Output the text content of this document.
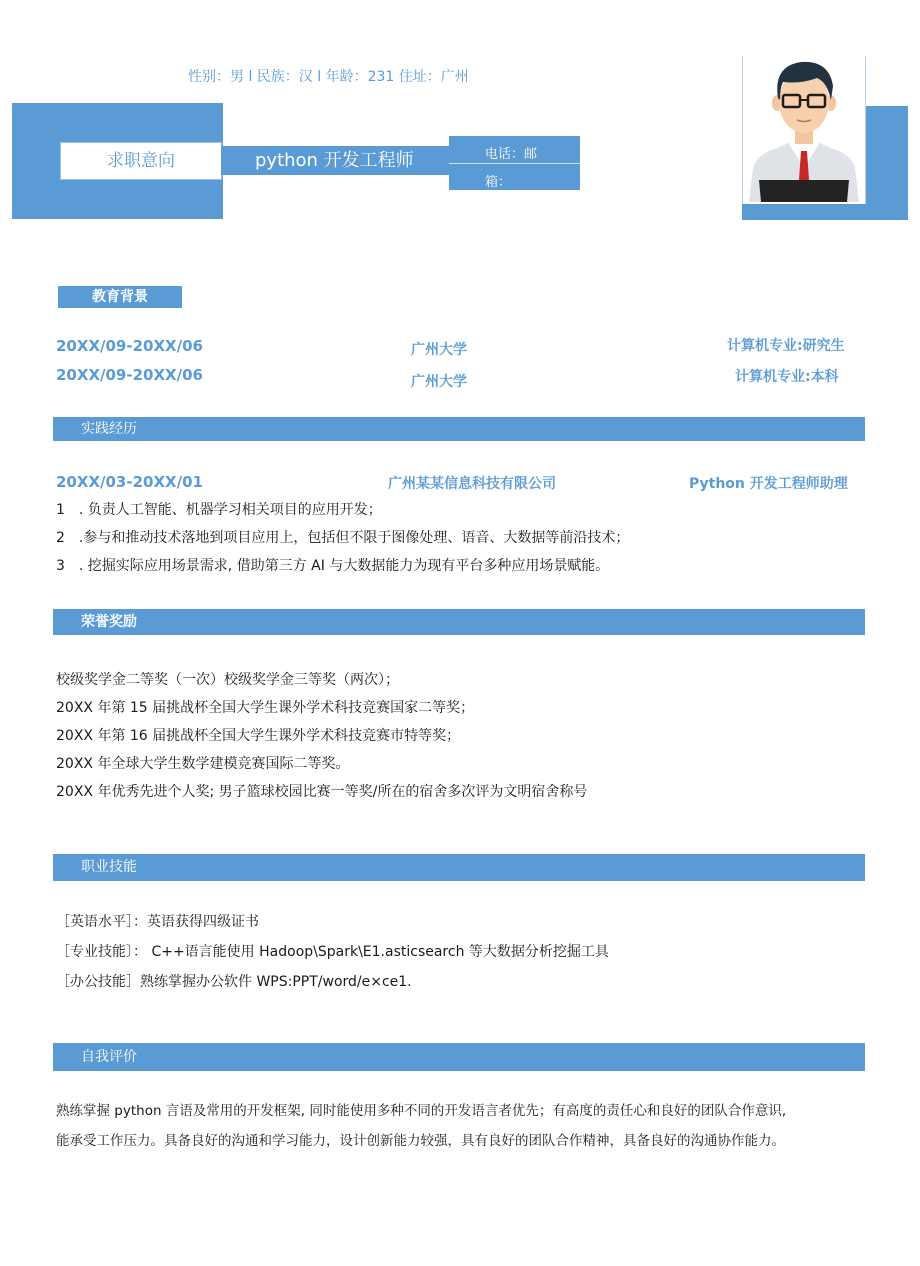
性别：男 l 民族：汉 l 年龄：231 住址：广州
求职意向	python 开发工程师	电话：邮
箱：
教育背景
20XX/09-20XX/06	广州大学	计算机专业:研究生
20XX/09-20XX/06	广州大学	计算机专业:本科
实践经历
20XX/03-20XX/01	广州某某信息科技有限公司	Python 开发工程师助理
1　. 负责人工智能、机器学习相关项目的应用开发；
2　.参与和推动技术落地到项目应用上，包括但不限于图像处理、语音、大数据等前沿技术；
3　. 挖掘实际应用场景需求, 借助第三方 AI 与大数据能力为现有平台多种应用场景赋能。
荣誉奖励
校级奖学金二等奖（一次）校级奖学金三等奖（两次）；
20XX 年第 15 届挑战杯全国大学生课外学术科技竞赛国家二等奖；
20XX 年第 16 届挑战杯全国大学生课外学术科技竞赛市特等奖；
20XX 年全球大学生数学建模竞赛国际二等奖。
20XX 年优秀先进个人奖; 男子篮球校园比赛一等奖/所在的宿舍多次评为文明宿舍称号
职业技能
［英语水平］：英语获得四级证书
［专业技能〕： C++语言能使用 Hadoop\Spark\E1.asticsearch 等大数据分析挖掘工具
［办公技能］熟练掌握办公软件 WPS:PPT/word/e×ce1.
自我评价
熟练掌握 python 言语及常用的开发框架, 同时能使用多种不同的开发语言者优先；有高度的责任心和良好的团队合作意识,
能承受工作压力。具备良好的沟通和学习能力，设计创新能力较强，具有良好的团队合作精神，具备良好的沟通协作能力。
